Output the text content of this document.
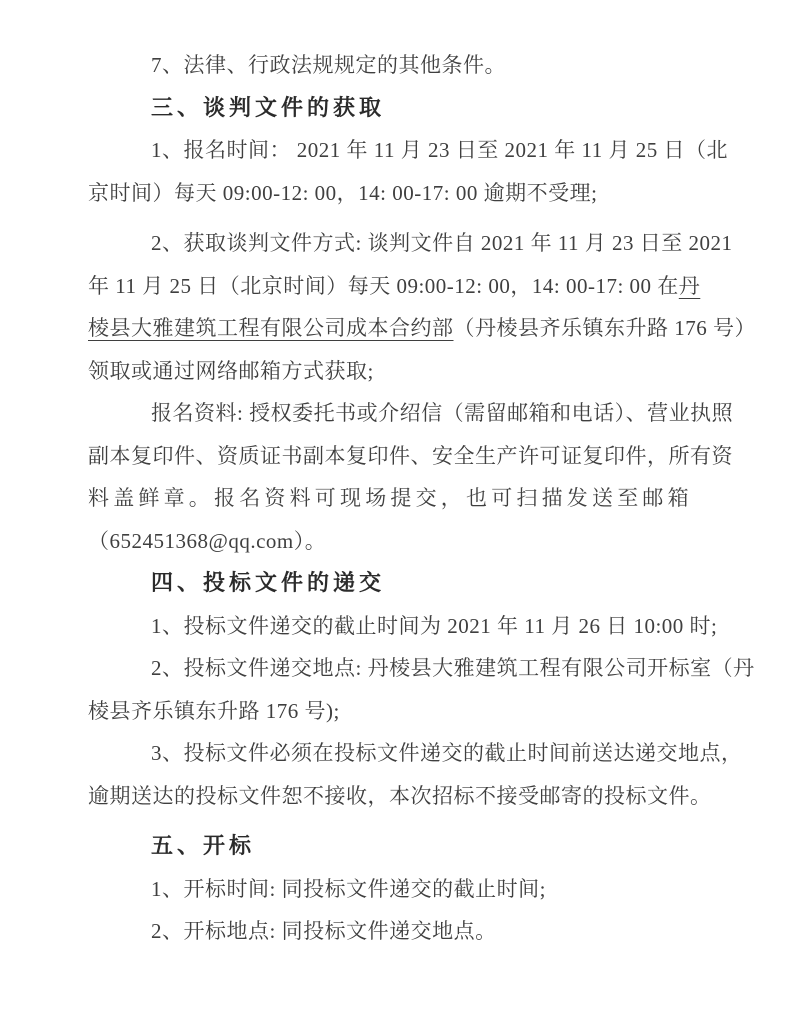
7、法律、行政法规规定的其他条件。
三、谈判文件的获取
1、报名时间： 2021 年 11 月 23 日至 2021 年 11 月 25 日（北
京时间）每天 09:00-12: 00，14: 00-17: 00 逾期不受理;
2、获取谈判文件方式: 谈判文件自 2021 年 11 月 23 日至 2021
年 11 月 25 日（北京时间）每天 09:00-12: 00，14: 00-17: 00 在丹
棱县大雅建筑工程有限公司成本合约部（丹棱县齐乐镇东升路 176 号）
领取或通过网络邮箱方式获取;
报名资料: 授权委托书或介绍信（需留邮箱和电话）、营业执照
副本复印件、资质证书副本复印件、安全生产许可证复印件，所有资
料盖鲜章。报名资料可现场提交，也可扫描发送至邮箱
（652451368@qq.com）。
四、投标文件的递交
1、投标文件递交的截止时间为 2021 年 11 月 26 日 10:00 时;
2、投标文件递交地点: 丹棱县大雅建筑工程有限公司开标室（丹
棱县齐乐镇东升路 176 号);
3、投标文件必须在投标文件递交的截止时间前送达递交地点，
逾期送达的投标文件恕不接收，本次招标不接受邮寄的投标文件。
五、开标
1、开标时间: 同投标文件递交的截止时间;
2、开标地点: 同投标文件递交地点。
